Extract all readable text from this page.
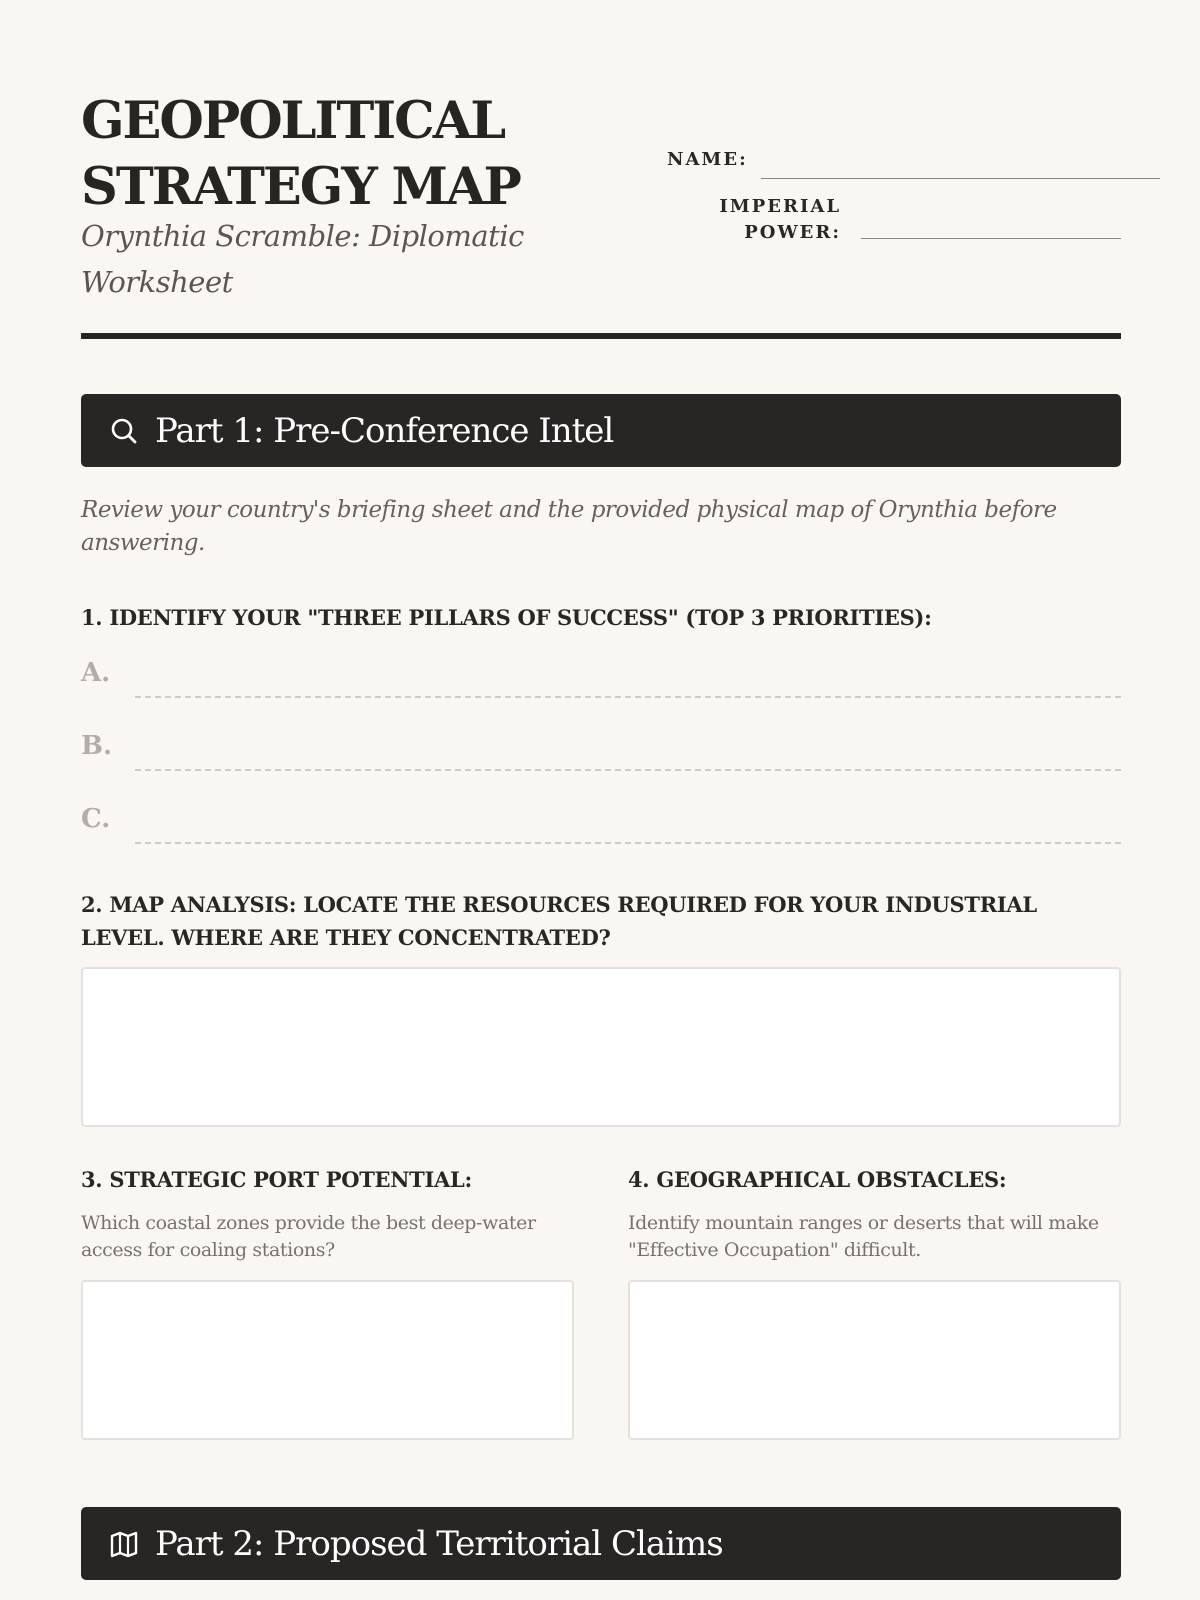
GEOPOLITICAL
STRATEGY MAP
Orynthia Scramble: Diplomatic Worksheet
NAME:
IMPERIAL
POWER:
Part 1: Pre-Conference Intel
Review your country's briefing sheet and the provided physical map of Orynthia before answering.
1. IDENTIFY YOUR "THREE PILLARS OF SUCCESS" (TOP 3 PRIORITIES):
A.
B.
C.
2. MAP ANALYSIS: LOCATE THE RESOURCES REQUIRED FOR YOUR INDUSTRIAL LEVEL. WHERE ARE THEY CONCENTRATED?
3. STRATEGIC PORT POTENTIAL:
Which coastal zones provide the best deep-water access for coaling stations?
4. GEOGRAPHICAL OBSTACLES:
Identify mountain ranges or deserts that will make "Effective Occupation" difficult.
Part 2: Proposed Territorial Claims
